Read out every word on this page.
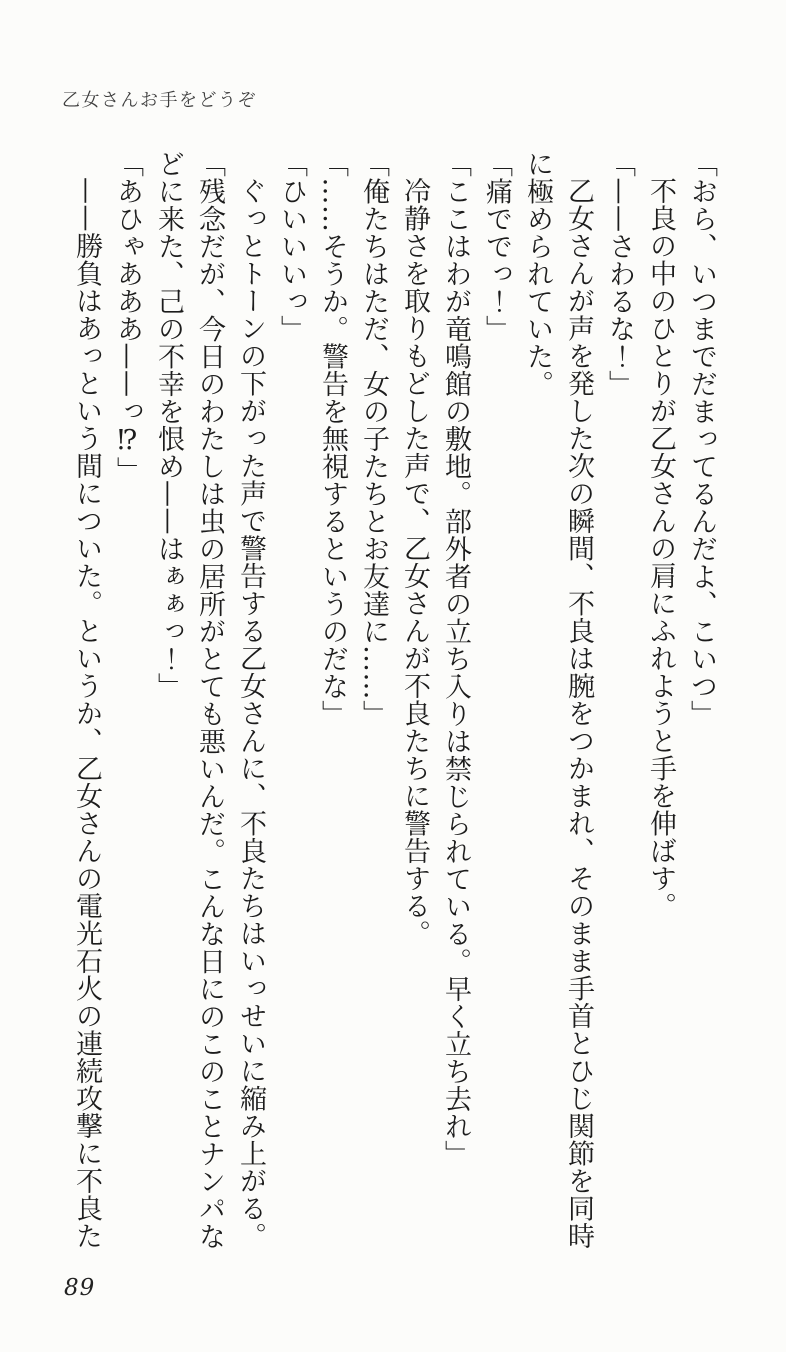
乙女さんお手をどうぞ

「おら、いつまでだまってるんだよ、こいつ」

不良の中のひとりが乙女さんの肩にふれようと手を伸ばす。

「——さわるな！」

乙女さんが声を発した次の瞬間、不良は腕をつかまれ、そのまま手首とひじ関節を同時に極められていた。

「痛ででっ！」

「ここはわが竜鳴館の敷地。部外者の立ち入りは禁じられている。早く立ち去れ」

冷静さを取りもどした声で、乙女さんが不良たちに警告する。

「俺たちはただ、女の子たちとお友達に……」

「……そうか。警告を無視するというのだな」

「ひいいいっ」

ぐっとトーンの下がった声で警告する乙女さんに、不良たちはいっせいに縮み上がる。

「残念だが、今日のわたしは虫の居所がとても悪いんだ。こんな日にのこのことナンパなどに来た、己の不幸を恨め——はぁぁっ！」

「あひゃあああ——っ⁉」

——勝負はあっという間についた。というか、乙女さんの電光石火の連続攻撃に不良た

89
